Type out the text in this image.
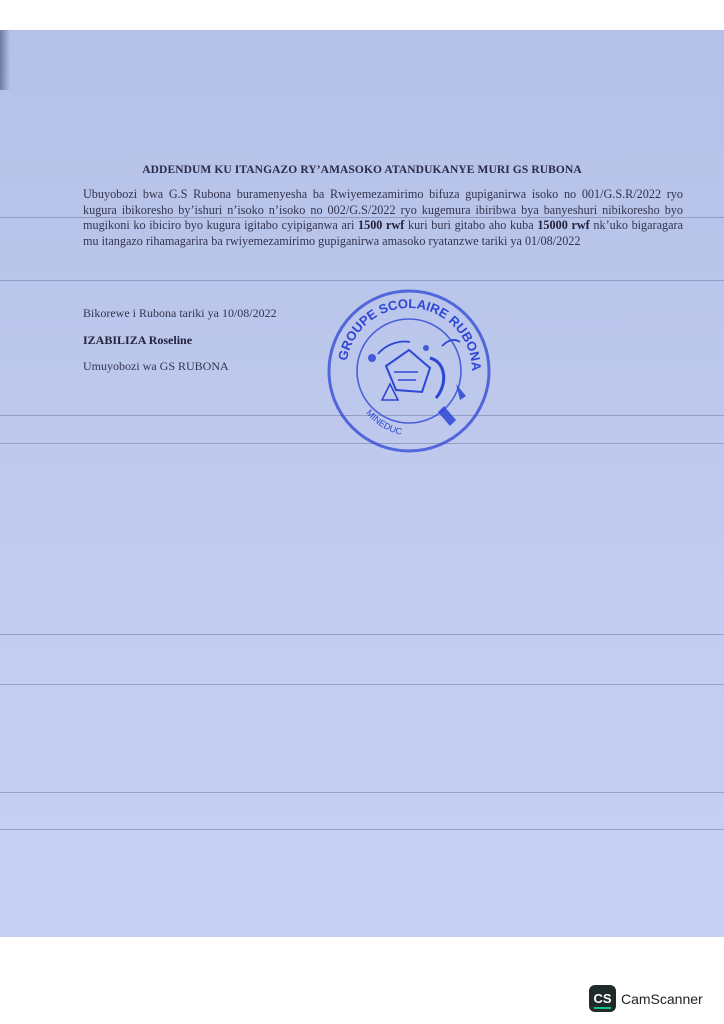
ADDENDUM KU ITANGAZO RY’AMASOKO ATANDUKANYE MURI GS RUBONA
Ubuyobozi bwa G.S Rubona buramenyesha ba Rwiyemezamirimo bifuza gupiganirwa isoko no 001/G.S.R/2022 ryo kugura ibikoresho by’ishuri n’isoko n’isoko no 002/G.S/2022 ryo kugemura ibiribwa bya banyeshuri nibikoresho byo mugikoni ko ibiciro byo kugura igitabo cyipiganwa ari 1500 rwf kuri buri gitabo aho kuba 15000 rwf nk’uko bigaragara mu itangazo rihamagarira ba rwiyemezamirimo gupiganirwa amasoko ryatanzwe tariki ya 01/08/2022
Bikorewe i Rubona tariki ya 10/08/2022
IZABILIZA Roseline
Umuyobozi wa GS RUBONA
GROUPE SCOLAIRE RUBONA
MINEDUC
CS CamScanner
